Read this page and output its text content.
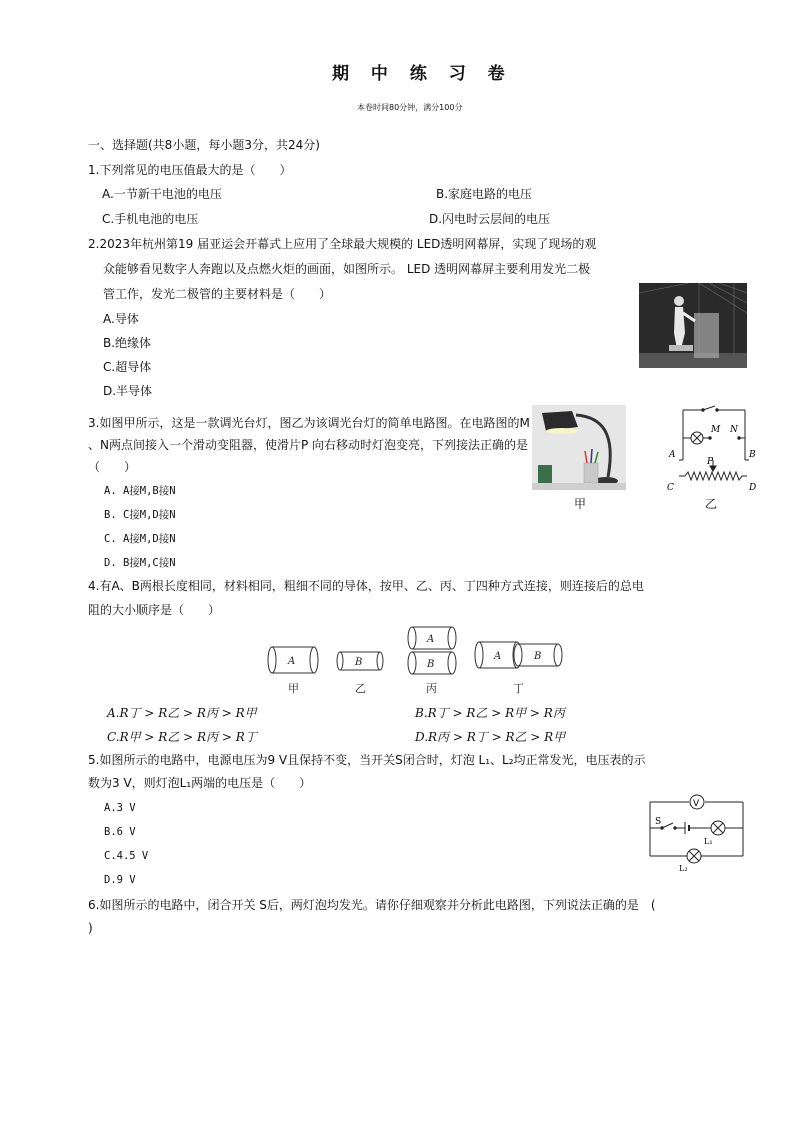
期 中 练 习 卷
本卷时间80分钟，满分100分
一、选择题(共8小题，每小题3分，共24分)
1.下列常见的电压值最大的是（　　）
A.一节新干电池的电压	B.家庭电路的电压
C.手机电池的电压	D.闪电时云层间的电压
2.2023年杭州第19 届亚运会开幕式上应用了全球最大规模的 LED透明网幕屏，实现了现场的观
众能够看见数字人奔跑以及点燃火炬的画面，如图所示。 LED 透明网幕屏主要利用发光二极
管工作，发光二极管的主要材料是（　　）
A.导体
B.绝缘体
C.超导体
D.半导体
3.如图甲所示，这是一款调光台灯，图乙为该调光台灯的简单电路图。在电路图的M
、N两点间接入一个滑动变阻器，使滑片P 向右移动时灯泡变亮，下列接法正确的是
（　　）
A. A接M,B接N
B. C接M,D接N
C. A接M,D接N
D. B接M,C接N
甲
M N
A	B
P
C	D
乙
4.有A、B两根长度相同，材料相同，粗细不同的导体，按甲、乙、丙、丁四种方式连接，则连接后的总电
阻的大小顺序是（　　）
A	B
A
B
A	B
甲	乙	丙	丁
A.R丁 > R乙 > R丙 > R甲	B.R丁 > R乙 > R甲 > R丙
C.R甲 > R乙 > R丙 > R丁	D.R丙 > R丁 > R乙 > R甲
5.如图所示的电路中，电源电压为9 V且保持不变，当开关S闭合时，灯泡 L₁、L₂均正常发光，电压表的示
数为3 V，则灯泡L₁两端的电压是（　　）
A.3 V
B.6 V
C.4.5 V
D.9 V
V
S
L₁
L₂
6.如图所示的电路中，闭合开关 S后，两灯泡均发光。请你仔细观察并分析此电路图，下列说法正确的是　(
)
